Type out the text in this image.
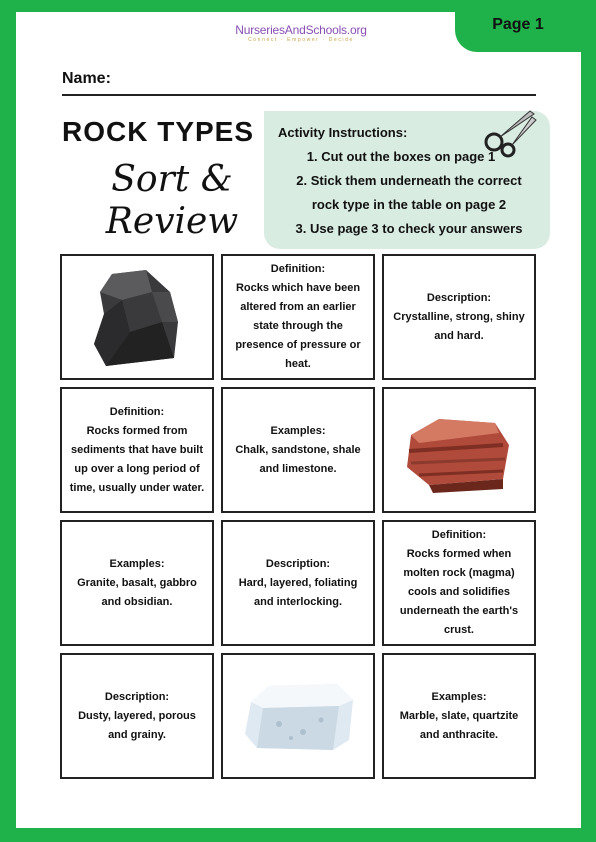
Page 1
NurseriesAndSchools.org
Connect · Empower · Decide
Name:
ROCK TYPES
Sort &
Review
Activity Instructions:
1. Cut out the boxes on page 1
2. Stick them underneath the correct
rock type in the table on page 2
3. Use page 3 to check your answers
Definition:
Rocks which have been altered from an earlier state through the presence of pressure or heat.
Description:
Crystalline, strong, shiny and hard.
Definition:
Rocks formed from sediments that have built up over a long period of time, usually under water.
Examples:
Chalk, sandstone, shale and limestone.
Examples:
Granite, basalt, gabbro and obsidian.
Description:
Hard, layered, foliating and interlocking.
Definition:
Rocks formed when molten rock (magma) cools and solidifies underneath the earth's crust.
Description:
Dusty, layered, porous and grainy.
Examples:
Marble, slate, quartzite and anthracite.
